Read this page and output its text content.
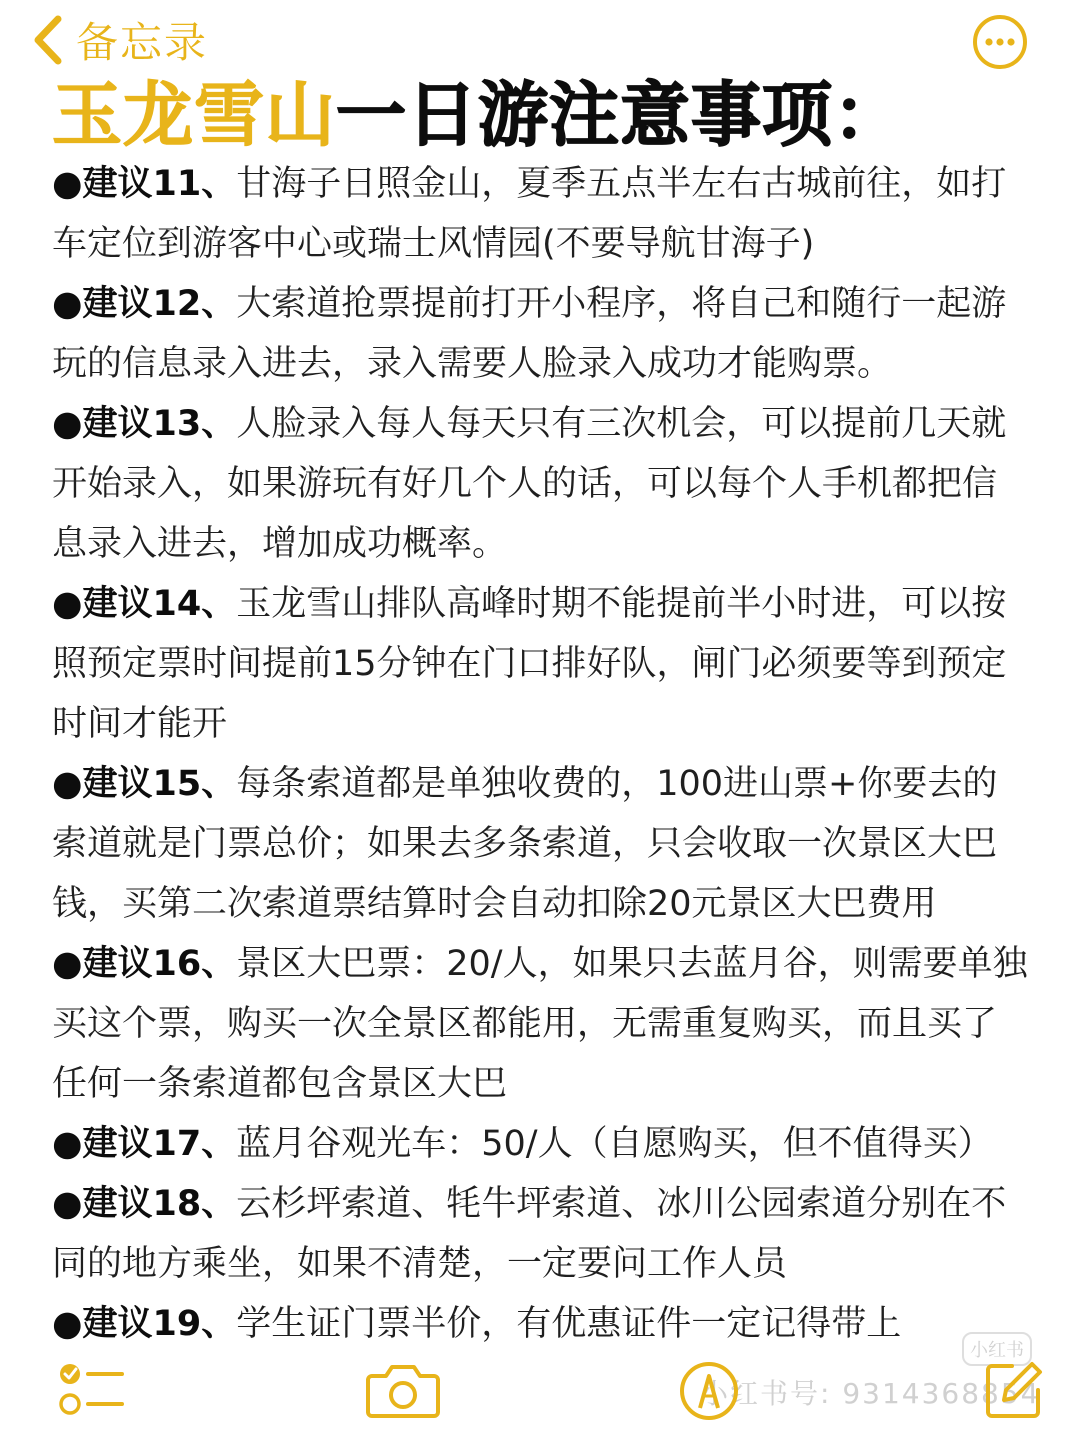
备忘录
玉龙雪山一日游注意事项：

●建议11、甘海子日照金山，夏季五点半左右古城前往，如打车定位到游客中心或瑞士风情园(不要导航甘海子)

●建议12、大索道抢票提前打开小程序，将自己和随行一起游玩的信息录入进去，录入需要人脸录入成功才能购票。

●建议13、人脸录入每人每天只有三次机会，可以提前几天就开始录入，如果游玩有好几个人的话，可以每个人手机都把信息录入进去，增加成功概率。

●建议14、玉龙雪山排队高峰时期不能提前半小时进，可以按照预定票时间提前15分钟在门口排好队，闸门必须要等到预定时间才能开

●建议15、每条索道都是单独收费的，100进山票+你要去的索道就是门票总价；如果去多条索道，只会收取一次景区大巴钱，买第二次索道票结算时会自动扣除20元景区大巴费用

●建议16、景区大巴票：20/人，如果只去蓝月谷，则需要单独买这个票，购买一次全景区都能用，无需重复购买，而且买了任何一条索道都包含景区大巴

●建议17、蓝月谷观光车：50/人（自愿购买，但不值得买）

●建议18、云杉坪索道、牦牛坪索道、冰川公园索道分别在不同的地方乘坐，如果不清楚，一定要问工作人员

●建议19、学生证门票半价，有优惠证件一定记得带上

小红书
小红书号: 9314368854
